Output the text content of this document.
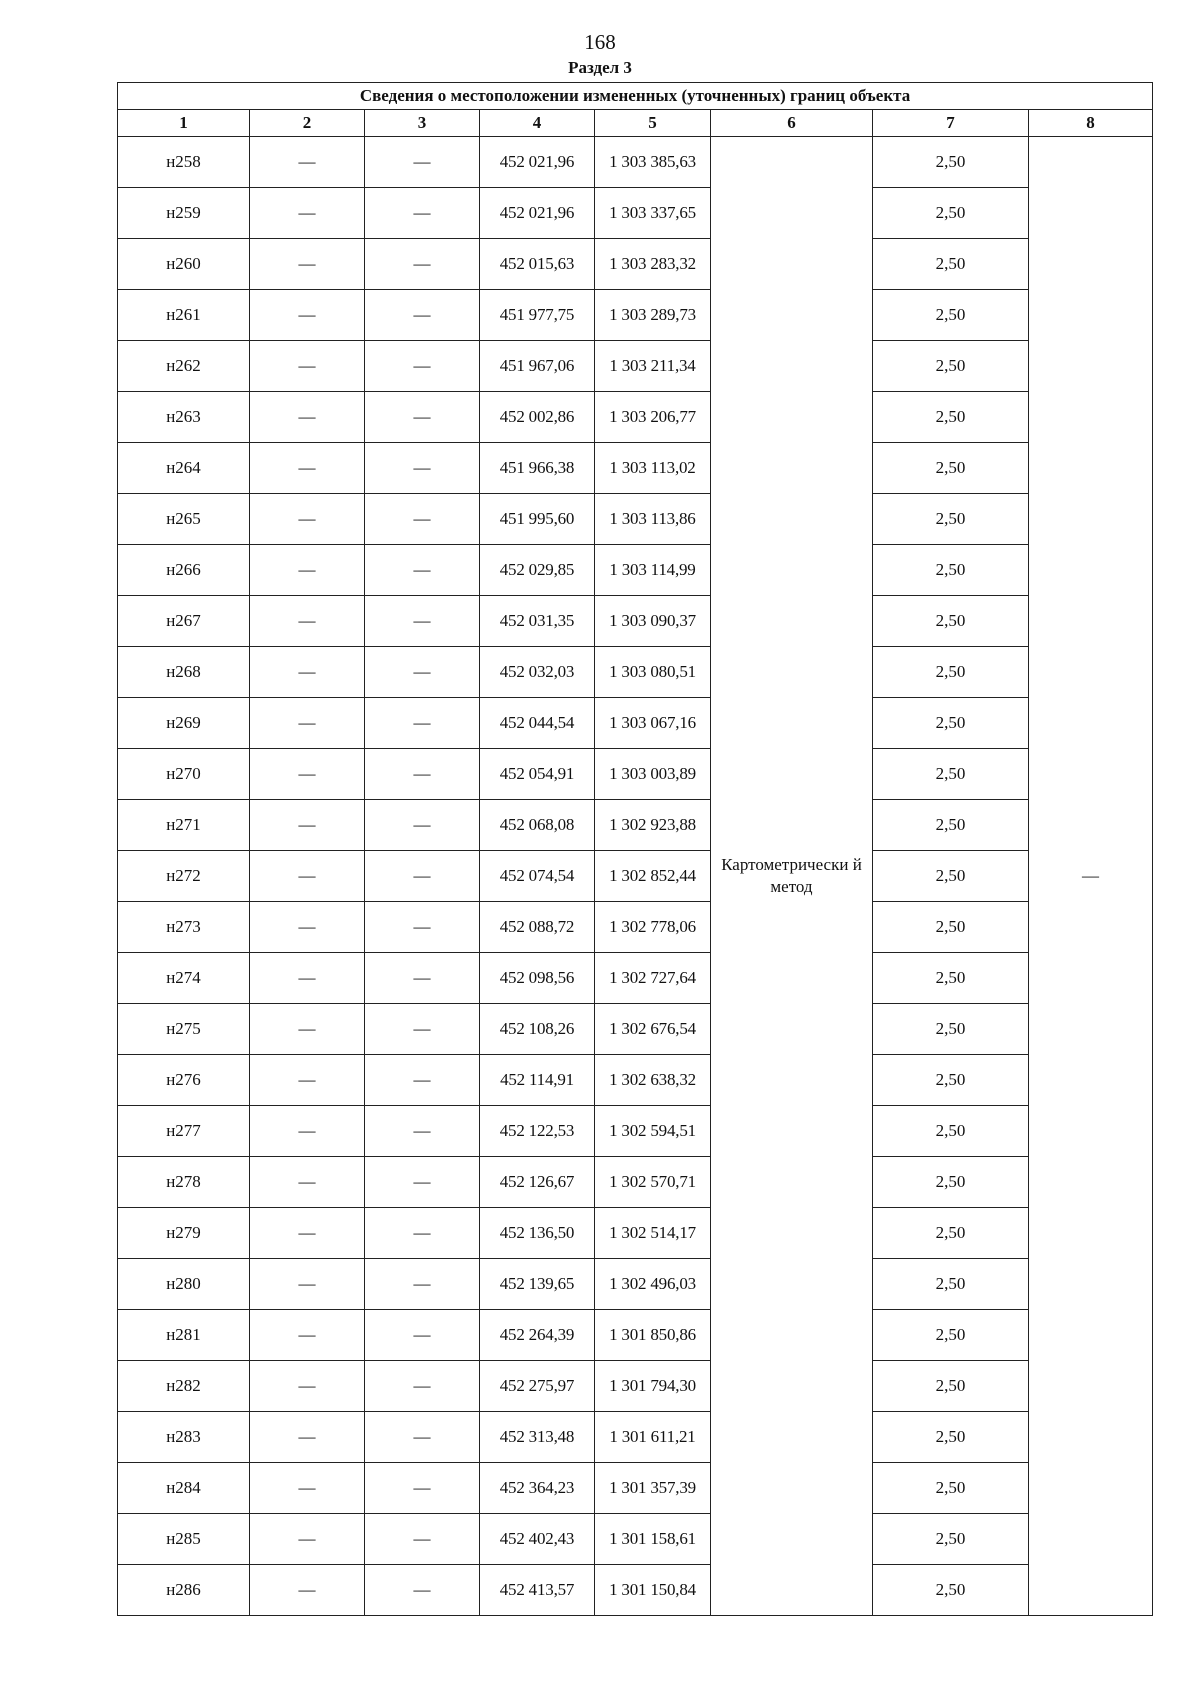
168
Раздел 3
Сведения о местоположении измененных (уточненных) границ объекта							
1	2	3	4	5	6	7	8
н258	—	—	452 021,96	1 303 385,63	Картометрически й метод	2,50	—
н259	—	—	452 021,96	1 303 337,65		2,50	
н260	—	—	452 015,63	1 303 283,32		2,50	
н261	—	—	451 977,75	1 303 289,73		2,50	
н262	—	—	451 967,06	1 303 211,34		2,50	
н263	—	—	452 002,86	1 303 206,77		2,50	
н264	—	—	451 966,38	1 303 113,02		2,50	
н265	—	—	451 995,60	1 303 113,86		2,50	
н266	—	—	452 029,85	1 303 114,99		2,50	
н267	—	—	452 031,35	1 303 090,37		2,50	
н268	—	—	452 032,03	1 303 080,51		2,50	
н269	—	—	452 044,54	1 303 067,16		2,50	
н270	—	—	452 054,91	1 303 003,89		2,50	
н271	—	—	452 068,08	1 302 923,88		2,50	
н272	—	—	452 074,54	1 302 852,44		2,50	
н273	—	—	452 088,72	1 302 778,06		2,50	
н274	—	—	452 098,56	1 302 727,64		2,50	
н275	—	—	452 108,26	1 302 676,54		2,50	
н276	—	—	452 114,91	1 302 638,32		2,50	
н277	—	—	452 122,53	1 302 594,51		2,50	
н278	—	—	452 126,67	1 302 570,71		2,50	
н279	—	—	452 136,50	1 302 514,17		2,50	
н280	—	—	452 139,65	1 302 496,03		2,50	
н281	—	—	452 264,39	1 301 850,86		2,50	
н282	—	—	452 275,97	1 301 794,30		2,50	
н283	—	—	452 313,48	1 301 611,21		2,50	
н284	—	—	452 364,23	1 301 357,39		2,50	
н285	—	—	452 402,43	1 301 158,61		2,50	
н286	—	—	452 413,57	1 301 150,84		2,50	
